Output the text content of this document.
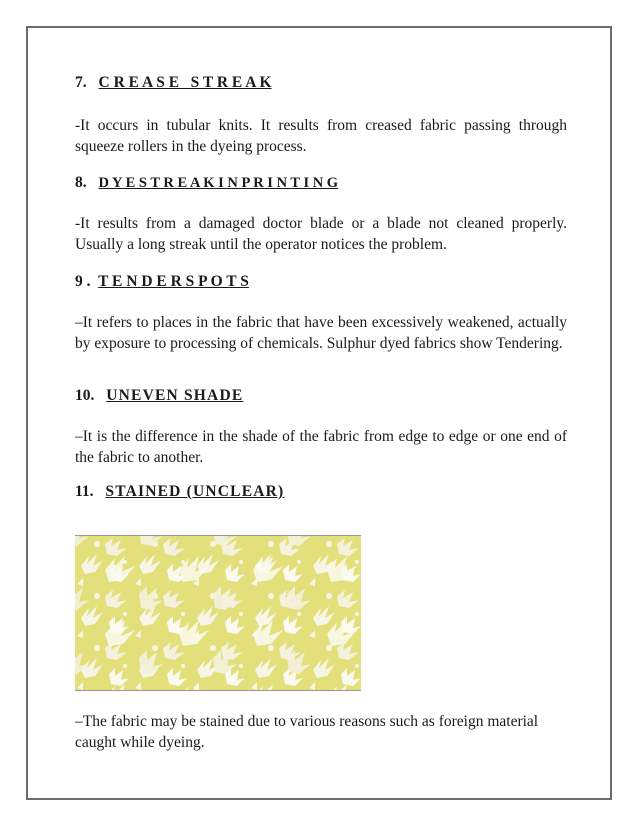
7. C R E A S E   S T R E A K

-It occurs in tubular knits. It results from creased fabric passing through squeeze rollers in the dyeing process.

8. D Y E S T R E A K I N P R I N T I N G

-It results from a damaged doctor blade or a blade not cleaned properly. Usually a long streak until the operator notices the problem.

9 . T E N D E R S P O T S

–It refers to places in the fabric that have been excessively weakened, actually by exposure to processing of chemicals. Sulphur dyed fabrics show Tendering.

10. UNEVEN SHADE

–It is the difference in the shade of the fabric from edge to edge or one end of the fabric to another.

11. STAINED (UNCLEAR)

–The fabric may be stained due to various reasons such as foreign material caught while dyeing.
